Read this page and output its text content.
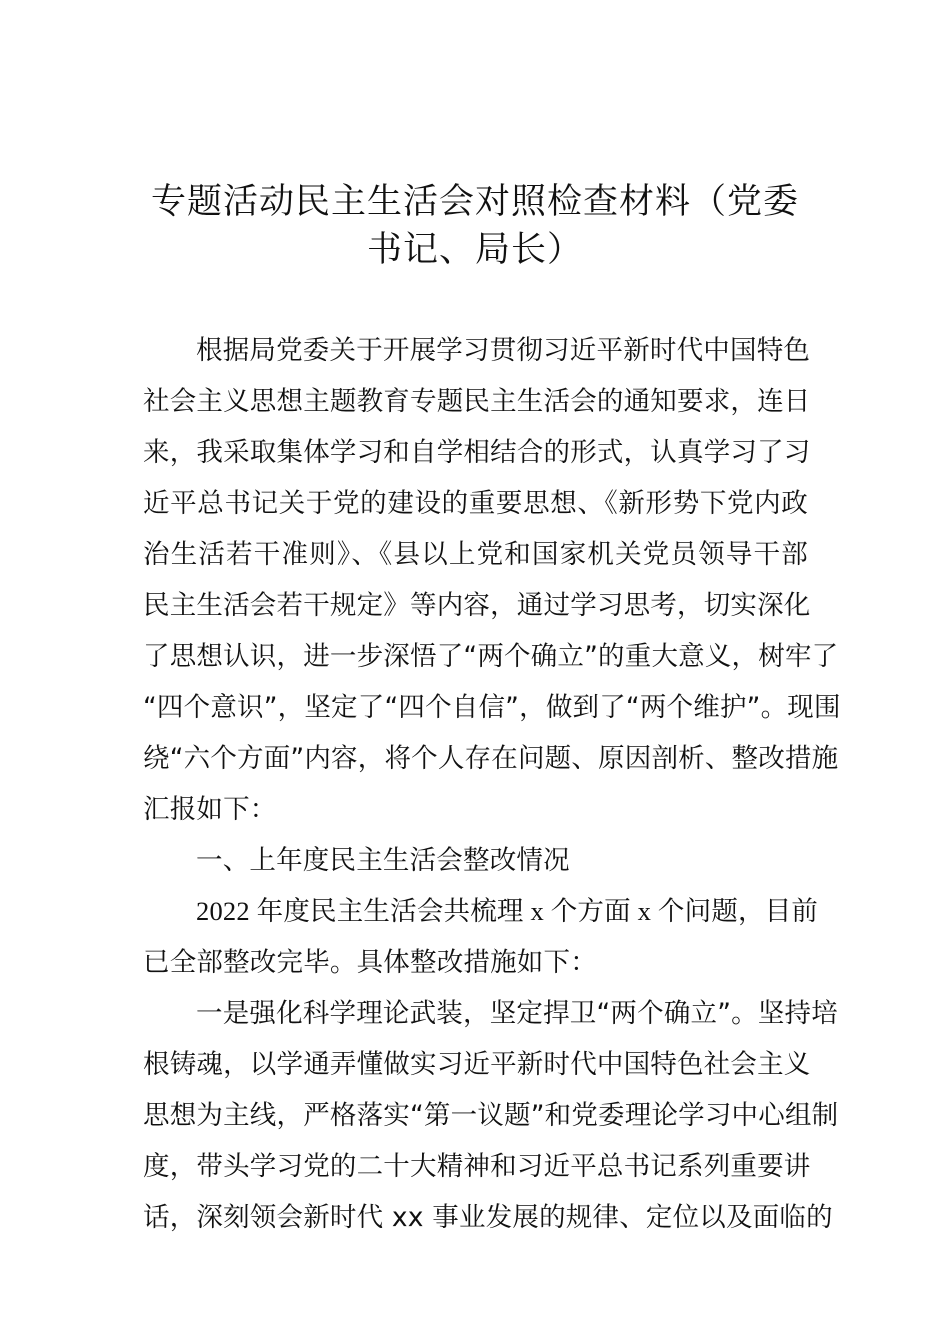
专题活动民主生活会对照检查材料（党委
书记、局长）
根据局党委关于开展学习贯彻习近平新时代中国特色
社会主义思想主题教育专题民主生活会的通知要求，连日
来，我采取集体学习和自学相结合的形式，认真学习了习
近平总书记关于党的建设的重要思想、《新形势下党内政
治生活若干准则》、《县以上党和国家机关党员领导干部
民主生活会若干规定》等内容，通过学习思考，切实深化
了思想认识，进一步深悟了“两个确立”的重大意义，树牢了
“四个意识”，坚定了“四个自信”，做到了“两个维护”。现围
绕“六个方面”内容，将个人存在问题、原因剖析、整改措施
汇报如下：
一、上年度民主生活会整改情况
2022 年度民主生活会共梳理 x 个方面 x 个问题，目前
已全部整改完毕。具体整改措施如下：
一是强化科学理论武装，坚定捍卫“两个确立”。坚持培
根铸魂，以学通弄懂做实习近平新时代中国特色社会主义
思想为主线，严格落实“第一议题”和党委理论学习中心组制
度，带头学习党的二十大精神和习近平总书记系列重要讲
话，深刻领会新时代 xx 事业发展的规律、定位以及面临的
